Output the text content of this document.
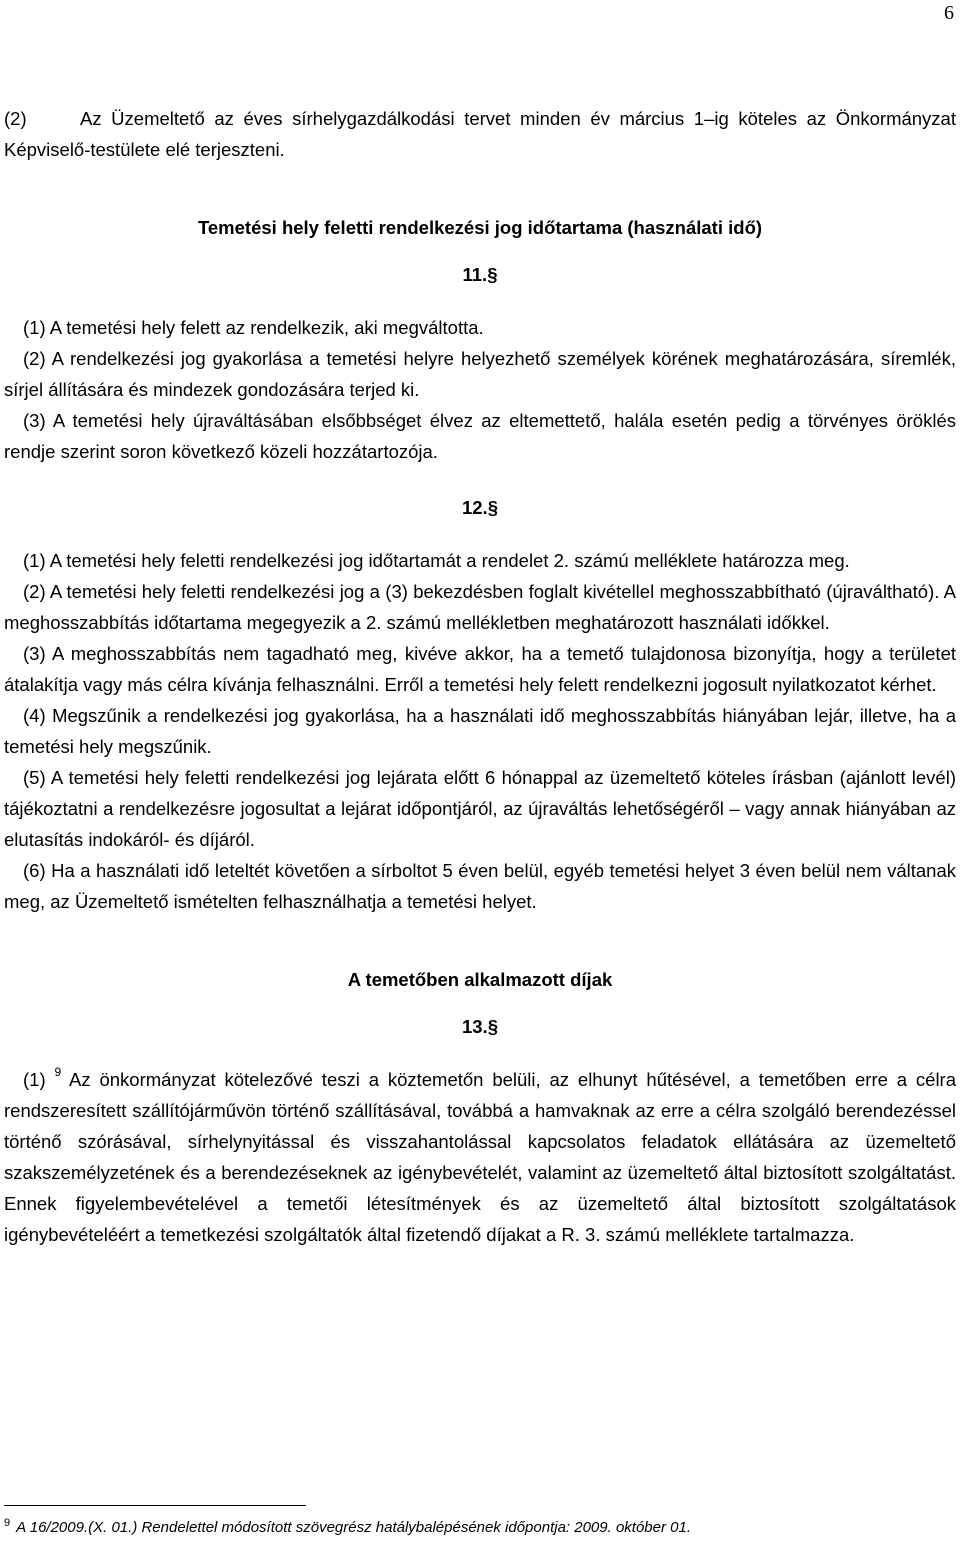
6

(2)	Az Üzemeltető az éves sírhelygazdálkodási tervet minden év március 1–ig köteles az Önkormányzat Képviselő-testülete elé terjeszteni.

Temetési hely feletti rendelkezési jog időtartama (használati idő)

11.§

(1) A temetési hely felett az rendelkezik, aki megváltotta.

(2) A rendelkezési jog gyakorlása a temetési helyre helyezhető személyek körének meghatározására, síremlék, sírjel állítására és mindezek gondozására terjed ki.

(3) A temetési hely újraváltásában elsőbbséget élvez az eltemettető, halála esetén pedig a törvényes öröklés rendje szerint soron következő közeli hozzátartozója.

12.§

(1) A temetési hely feletti rendelkezési jog időtartamát a rendelet 2. számú melléklete határozza meg.

(2) A temetési hely feletti rendelkezési jog a (3) bekezdésben foglalt kivétellel meghosszabbítható (újraváltható). A meghosszabbítás időtartama megegyezik a 2. számú mellékletben meghatározott használati időkkel.

(3) A meghosszabbítás nem tagadható meg, kivéve akkor, ha a temető tulajdonosa bizonyítja, hogy a területet átalakítja vagy más célra kívánja felhasználni. Erről a temetési hely felett rendelkezni jogosult nyilatkozatot kérhet.

(4) Megszűnik a rendelkezési jog gyakorlása, ha a használati idő meghosszabbítás hiányában lejár, illetve, ha a temetési hely megszűnik.

(5) A temetési hely feletti rendelkezési jog lejárata előtt 6 hónappal az üzemeltető köteles írásban (ajánlott levél) tájékoztatni a rendelkezésre jogosultat a lejárat időpontjáról, az újraváltás lehetőségéről – vagy annak hiányában az elutasítás indokáról- és díjáról.

(6) Ha a használati idő leteltét követően a sírboltot 5 éven belül, egyéb temetési helyet 3 éven belül nem váltanak meg, az Üzemeltető ismételten felhasználhatja a temetési helyet.

A temetőben alkalmazott díjak

13.§

(1) $^9$ Az önkormányzat kötelezővé teszi a köztemetőn belüli, az elhunyt hűtésével, a temetőben erre a célra rendszeresített szállítójárművön történő szállításával, továbbá a hamvaknak az erre a célra szolgáló berendezéssel történő szórásával, sírhelynyitással és visszahantolással kapcsolatos feladatok ellátására az üzemeltető szakszemélyzetének és a berendezéseknek az igénybevételét, valamint az üzemeltető által biztosított szolgáltatást. Ennek figyelembevételével a temetői létesítmények és az üzemeltető által biztosított szolgáltatások igénybevételéért a temetkezési szolgáltatók által fizetendő díjakat a R. 3. számú melléklete tartalmazza.

$^9$ A 16/2009.(X. 01.) Rendelettel módosított szövegrész hatálybalépésének időpontja: 2009. október 01.
